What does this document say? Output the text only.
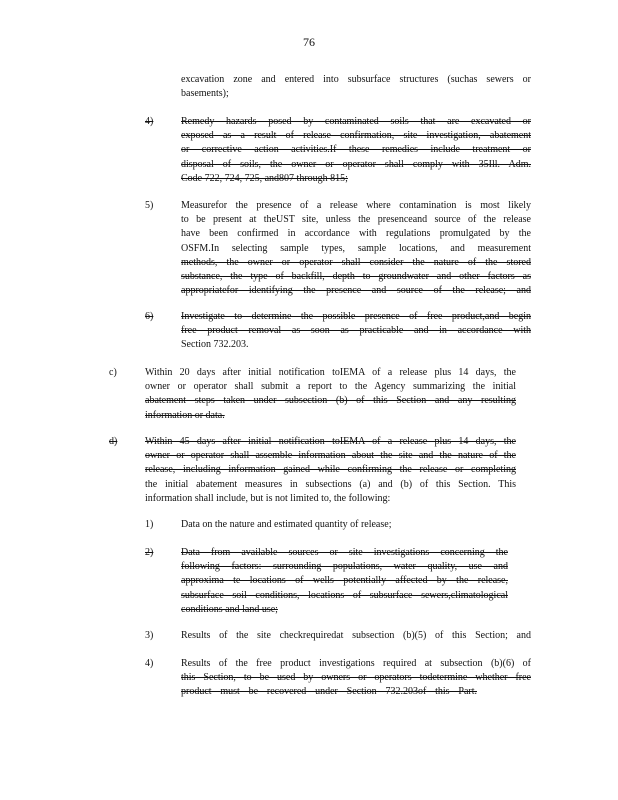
76
excavation zone and entered into subsurface structures (suchas sewers or
basements);
4)	Remedy hazards posed by contaminated soils that are excavated or
exposed as a result of release confirmation, site investigation, abatement
or corrective action activities.If these remedies include treatment or
disposal of soils, the owner or operator shall comply with 35Ill. Adm.
Code 722, 724, 725, and807 through 815;
5)	Measurefor the presence of a release where contamination is most likely
to be present at theUST site, unless the presenceand source of the release
have been confirmed in accordance with regulations promulgated by the
OSFM.In selecting sample types, sample locations, and measurement
methods, the owner or operator shall consider the nature of the stored
substance, the type of backfill, depth to groundwater and other factors as
appropriatefor identifying the presence and source of the release; and
6)	Investigate to determine the possible presence of free product,and begin
free product removal as soon as practicable and in accordance with
Section 732.203.
c)	Within 20 days after initial notification toIEMA of a release plus 14 days, the
owner or operator shall submit a report to the Agency summarizing the initial
abatement steps taken under subsection (b) of this Section and any resulting
information or data.
d)	Within 45 days after initial notification toIEMA of a release plus 14 days, the
owner or operator shall assemble information about the site and the nature of the
release, including information gained while confirming the release or completing
the initial abatement measures in subsections (a) and (b) of this Section. This
information shall include, but is not limited to, the following:
1)	Data on the nature and estimated quantity of release;
2)	Data from available sources or site investigations concerning the
following factors: surrounding populations, water quality, use and
approxima te locations of wells potentially affected by the release,
subsurface soil conditions, locations of subsurface sewers,climatological
conditions and land use;
3)	Results of the site checkrequiredat subsection (b)(5) of this Section; and
4)	Results of the free product investigations required at subsection (b)(6) of
this Section, to be used by owners or operators todetermine whether free
product must be recovered under Section 732.203of this Part.
